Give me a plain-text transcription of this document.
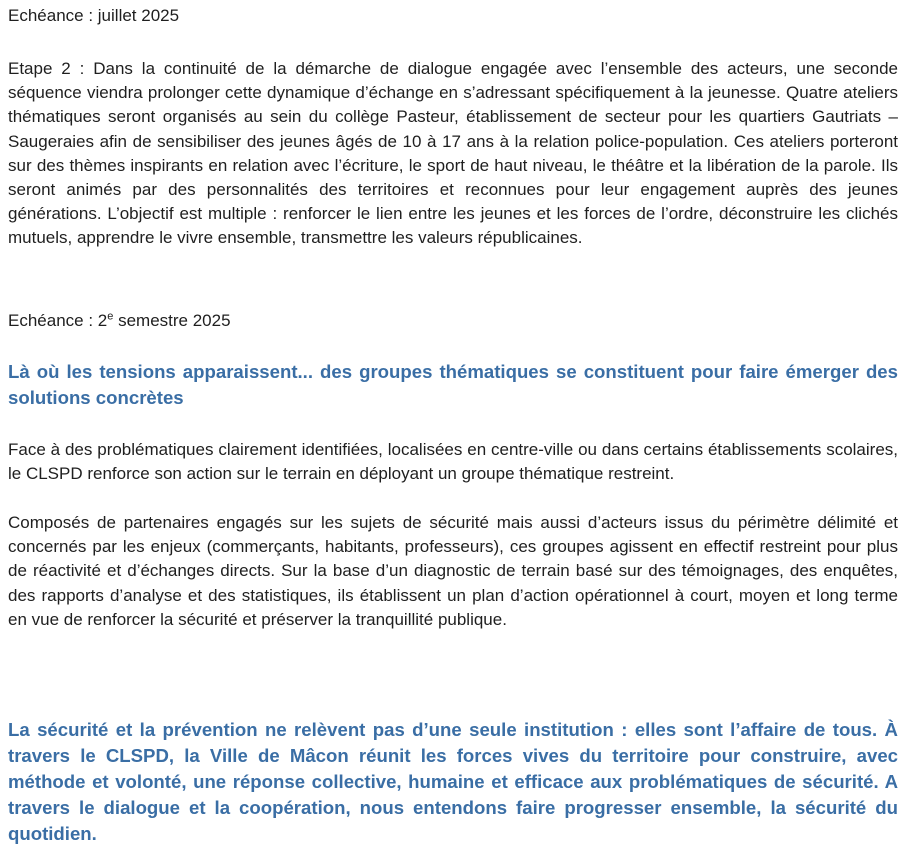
Echéance : juillet 2025

Etape 2 : Dans la continuité de la démarche de dialogue engagée avec l’ensemble des acteurs, une seconde séquence viendra prolonger cette dynamique d’échange en s’adressant spécifiquement à la jeunesse. Quatre ateliers thématiques seront organisés au sein du collège Pasteur, établissement de secteur pour les quartiers Gautriats – Saugeraies afin de sensibiliser des jeunes âgés de 10 à 17 ans à la relation police-population. Ces ateliers porteront sur des thèmes inspirants en relation avec l’écriture, le sport de haut niveau, le théâtre et la libération de la parole. Ils seront animés par des personnalités des territoires et reconnues pour leur engagement auprès des jeunes générations. L’objectif est multiple : renforcer le lien entre les jeunes et les forces de l’ordre, déconstruire les clichés mutuels, apprendre le vivre ensemble, transmettre les valeurs républicaines.

Echéance : 2e semestre 2025

Là où les tensions apparaissent... des groupes thématiques se constituent pour faire émerger des solutions concrètes

Face à des problématiques clairement identifiées, localisées en centre-ville ou dans certains établissements scolaires, le CLSPD renforce son action sur le terrain en déployant un groupe thématique restreint.

Composés de partenaires engagés sur les sujets de sécurité mais aussi d’acteurs issus du périmètre délimité et concernés par les enjeux (commerçants, habitants, professeurs), ces groupes agissent en effectif restreint pour plus de réactivité et d’échanges directs. Sur la base d’un diagnostic de terrain basé sur des témoignages, des enquêtes, des rapports d’analyse et des statistiques, ils établissent un plan d’action opérationnel à court, moyen et long terme en vue de renforcer la sécurité et préserver la tranquillité publique.

La sécurité et la prévention ne relèvent pas d’une seule institution : elles sont l’affaire de tous. À travers le CLSPD, la Ville de Mâcon réunit les forces vives du territoire pour construire, avec méthode et volonté, une réponse collective, humaine et efficace aux problématiques de sécurité. A travers le dialogue et la coopération, nous entendons faire progresser ensemble, la sécurité du quotidien.
